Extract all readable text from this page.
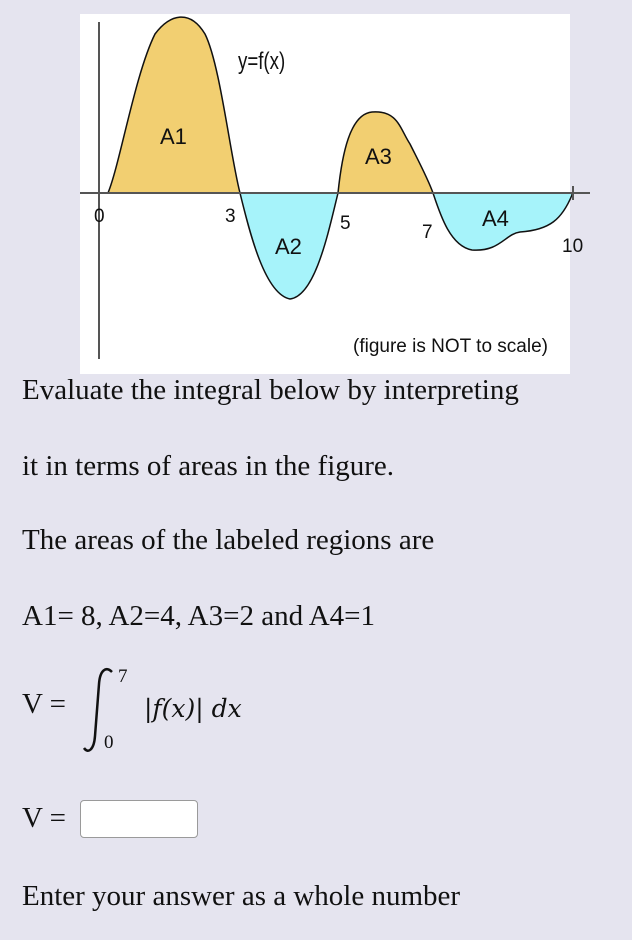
y=f(x)
A1
A2
A3
A4
0	3	5	7
10
(figure is NOT to scale)
Evaluate the integral below by interpreting
it in terms of areas in the figure.
The areas of the labeled regions are
A1= 8, A2=4, A3=2 and A4=1
V =
7
0
|f(x)| dx
V =
Enter your answer as a whole number
